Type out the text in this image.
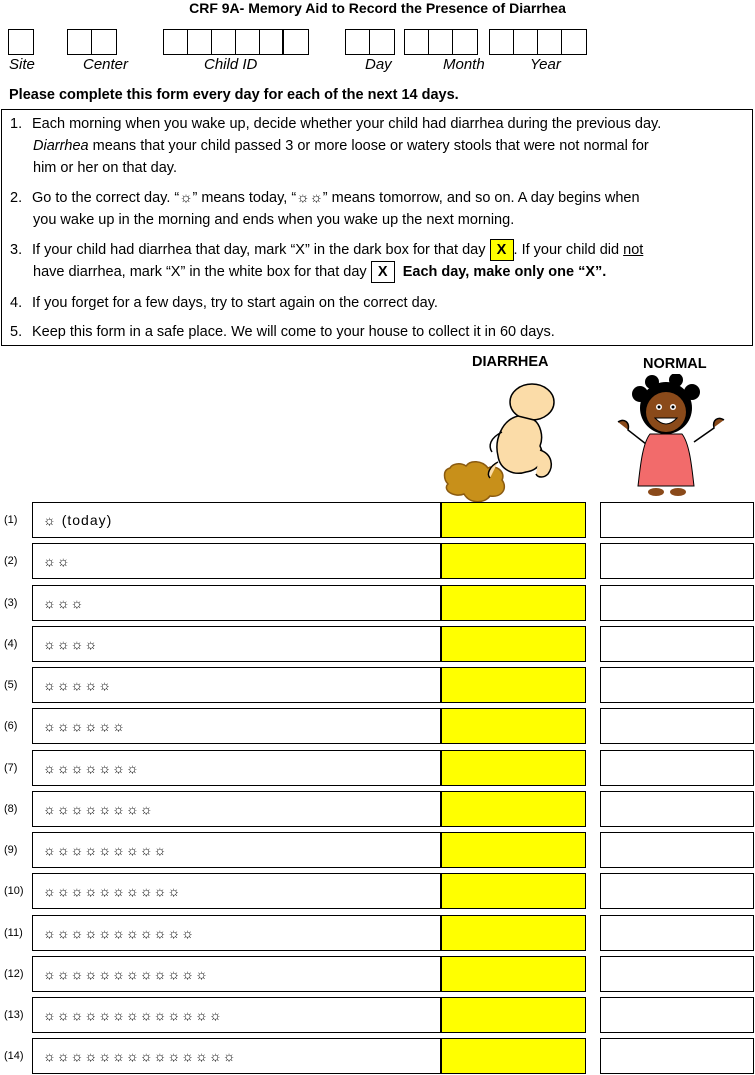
CRF 9A- Memory Aid to Record the Presence of Diarrhea
Site	Center	Child ID	Day	Month	Year
Please complete this form every day for each of the next 14 days.
1. Each morning when you wake up, decide whether your child had diarrhea during the previous day.
Diarrhea means that your child passed 3 or more loose or watery stools that were not normal for
him or her on that day.
2. Go to the correct day. “☼” means today, “☼☼” means tomorrow, and so on. A day begins when
you wake up in the morning and ends when you wake up the next morning.
3. If your child had diarrhea that day, mark “X” in the dark box for that day X . If your child did not
have diarrhea, mark “X” in the white box for that day X Each day, make only one “X”.
4. If you forget for a few days, try to start again on the correct day.
5. Keep this form in a safe place. We will come to your house to collect it in 60 days.
DIARRHEA	NORMAL
(1)	☼ (today)
(2)	☼☼
(3)	☼☼☼
(4)	☼☼☼☼
(5)	☼☼☼☼☼
(6)	☼☼☼☼☼☼
(7)	☼☼☼☼☼☼☼
(8)	☼☼☼☼☼☼☼☼
(9)	☼☼☼☼☼☼☼☼☼
(10)	☼☼☼☼☼☼☼☼☼☼
(11)	☼☼☼☼☼☼☼☼☼☼☼
(12)	☼☼☼☼☼☼☼☼☼☼☼☼
(13)	☼☼☼☼☼☼☼☼☼☼☼☼☼
(14)	☼☼☼☼☼☼☼☼☼☼☼☼☼☼
